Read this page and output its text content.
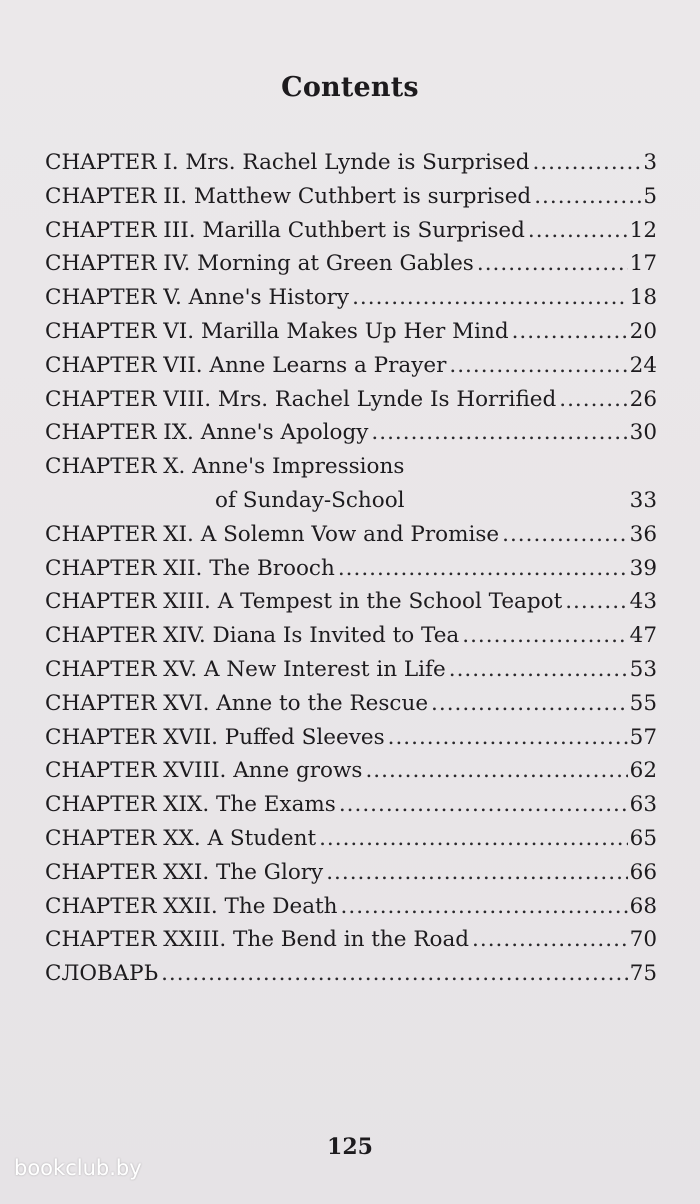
Contents
CHAPTER I. Mrs. Rachel Lynde is Surprised .....	3
CHAPTER II. Matthew Cuthbert is surprised .....	5
CHAPTER III. Marilla Cuthbert is Surprised .....	12
CHAPTER IV. Morning at Green Gables .....	17
CHAPTER V. Anne's History .....	18
CHAPTER VI. Marilla Makes Up Her Mind .....	20
CHAPTER VII. Anne Learns a Prayer .....	24
CHAPTER VIII. Mrs. Rachel Lynde Is Horrified .....	26
CHAPTER IX. Anne's Apology .....	30
CHAPTER X. Anne's Impressions
of Sunday-School	33
CHAPTER XI. A Solemn Vow and Promise .....	36
CHAPTER XII. The Brooch .....	39
CHAPTER XIII. A Tempest in the School Teapot .....	43
CHAPTER XIV. Diana Is Invited to Tea .....	47
CHAPTER XV. A New Interest in Life .....	53
CHAPTER XVI. Anne to the Rescue .....	55
CHAPTER XVII. Puffed Sleeves .....	57
CHAPTER XVIII. Anne grows .....	62
CHAPTER XIX. The Exams .....	63
CHAPTER XX. A Student .....	65
CHAPTER XXI. The Glory .....	66
CHAPTER XXII. The Death .....	68
CHAPTER XXIII. The Bend in the Road .....	70
СЛОВАРЬ .....	75
125
bookclub.by
